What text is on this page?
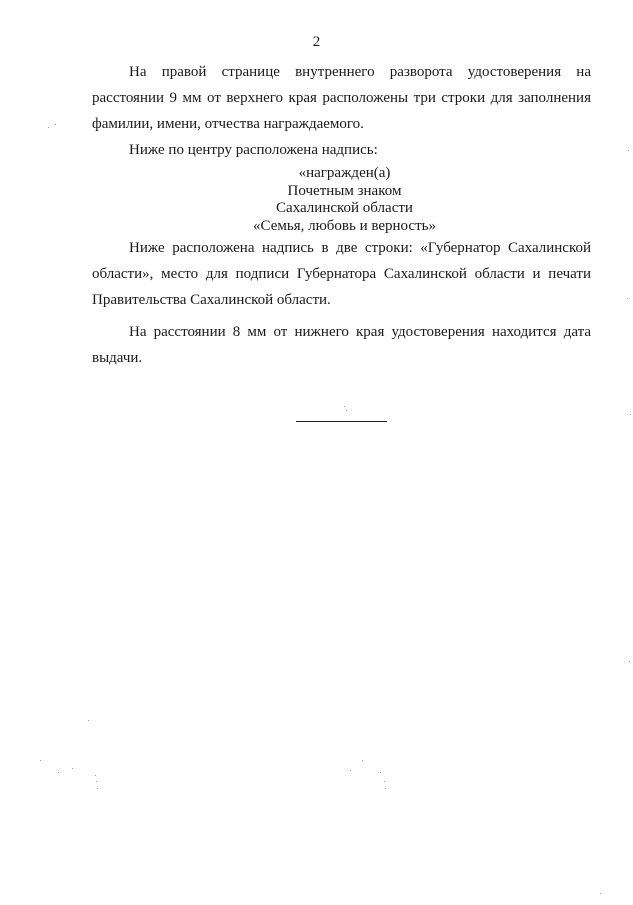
2

На правой странице внутреннего разворота удостоверения на расстоянии 9 мм от верхнего края расположены три строки для заполнения фамилии, имени, отчества награждаемого.

Ниже по центру расположена надпись:

«награжден(а)
Почетным знаком
Сахалинской области
«Семья, любовь и верность»

Ниже расположена надпись в две строки: «Губернатор Сахалинской области», место для подписи Губернатора Сахалинской области и печати Правительства Сахалинской области.

На расстоянии 8 мм от нижнего края удостоверения находится дата выдачи.
